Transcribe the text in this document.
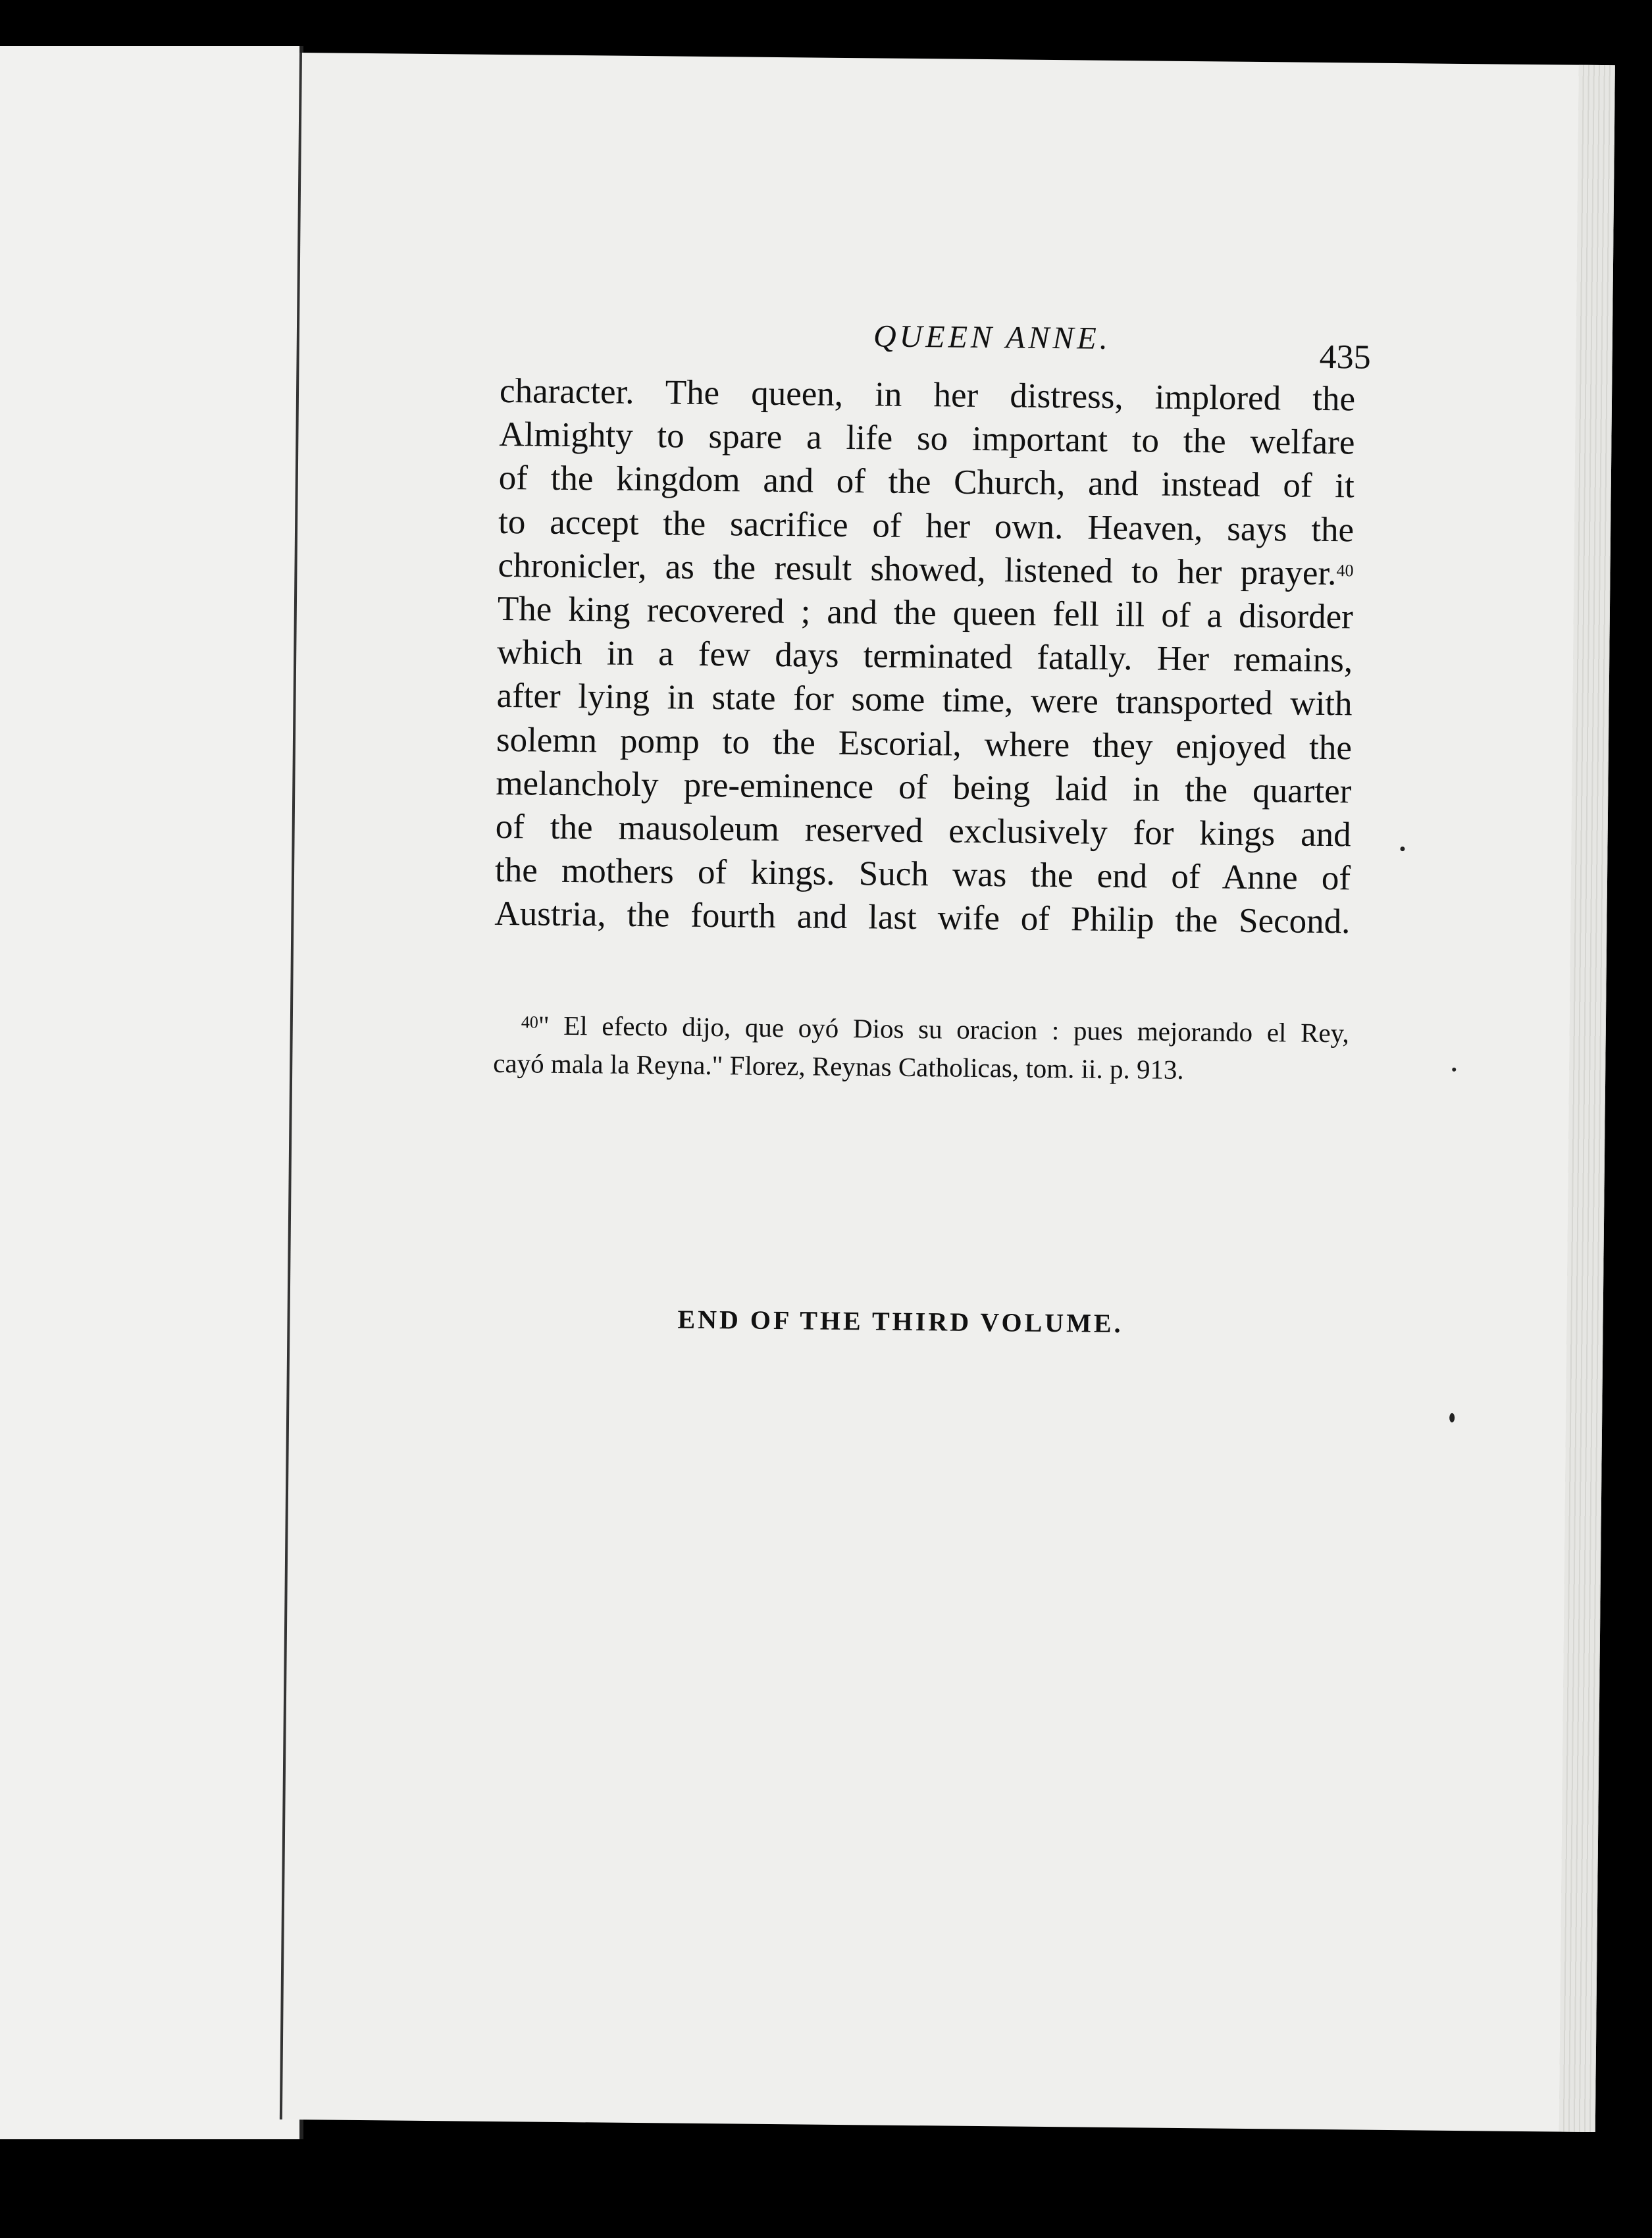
QUEEN ANNE.
435
character. The queen, in her distress, implored the
Almighty to spare a life so important to the welfare
of the kingdom and of the Church, and instead of it
to accept the sacrifice of her own. Heaven, says the
chronicler, as the result showed, listened to her prayer.$^{40}$
The king recovered ; and the queen fell ill of a disorder
which in a few days terminated fatally. Her remains,
after lying in state for some time, were transported with
solemn pomp to the Escorial, where they enjoyed the
melancholy pre-eminence of being laid in the quarter
of the mausoleum reserved exclusively for kings and
the mothers of kings. Such was the end of Anne of
Austria, the fourth and last wife of Philip the Second.
$^{40}$" El efecto dijo, que oyó Dios su oracion : pues mejorando el Rey,
cayó mala la Reyna." Florez, Reynas Catholicas, tom. ii. p. 913.
END OF THE THIRD VOLUME.
